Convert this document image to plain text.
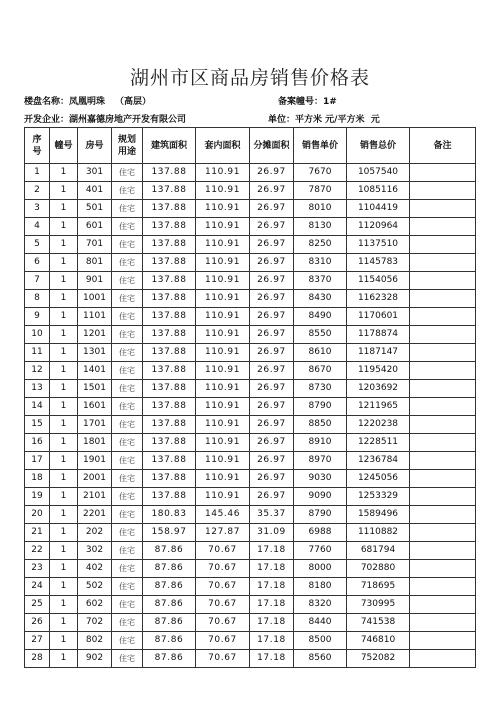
湖州市区商品房销售价格表
楼盘名称：凤凰明珠 （高层）	备案幢号：1#
开发企业：湖州嘉德房地产开发有限公司	单位：平方米 元/平方米 元
序号	幢号	房号	规划用途	建筑面积	套内面积	分摊面积	销售单价	销售总价	备注
1	1	301	住宅	137.88	110.91	26.97	7670	1057540	
2	1	401	住宅	137.88	110.91	26.97	7870	1085116	
3	1	501	住宅	137.88	110.91	26.97	8010	1104419	
4	1	601	住宅	137.88	110.91	26.97	8130	1120964	
5	1	701	住宅	137.88	110.91	26.97	8250	1137510	
6	1	801	住宅	137.88	110.91	26.97	8310	1145783	
7	1	901	住宅	137.88	110.91	26.97	8370	1154056	
8	1	1001	住宅	137.88	110.91	26.97	8430	1162328	
9	1	1101	住宅	137.88	110.91	26.97	8490	1170601	
10	1	1201	住宅	137.88	110.91	26.97	8550	1178874	
11	1	1301	住宅	137.88	110.91	26.97	8610	1187147	
12	1	1401	住宅	137.88	110.91	26.97	8670	1195420	
13	1	1501	住宅	137.88	110.91	26.97	8730	1203692	
14	1	1601	住宅	137.88	110.91	26.97	8790	1211965	
15	1	1701	住宅	137.88	110.91	26.97	8850	1220238	
16	1	1801	住宅	137.88	110.91	26.97	8910	1228511	
17	1	1901	住宅	137.88	110.91	26.97	8970	1236784	
18	1	2001	住宅	137.88	110.91	26.97	9030	1245056	
19	1	2101	住宅	137.88	110.91	26.97	9090	1253329	
20	1	2201	住宅	180.83	145.46	35.37	8790	1589496	
21	1	202	住宅	158.97	127.87	31.09	6988	1110882	
22	1	302	住宅	87.86	70.67	17.18	7760	681794	
23	1	402	住宅	87.86	70.67	17.18	8000	702880	
24	1	502	住宅	87.86	70.67	17.18	8180	718695	
25	1	602	住宅	87.86	70.67	17.18	8320	730995	
26	1	702	住宅	87.86	70.67	17.18	8440	741538	
27	1	802	住宅	87.86	70.67	17.18	8500	746810	
28	1	902	住宅	87.86	70.67	17.18	8560	752082	
